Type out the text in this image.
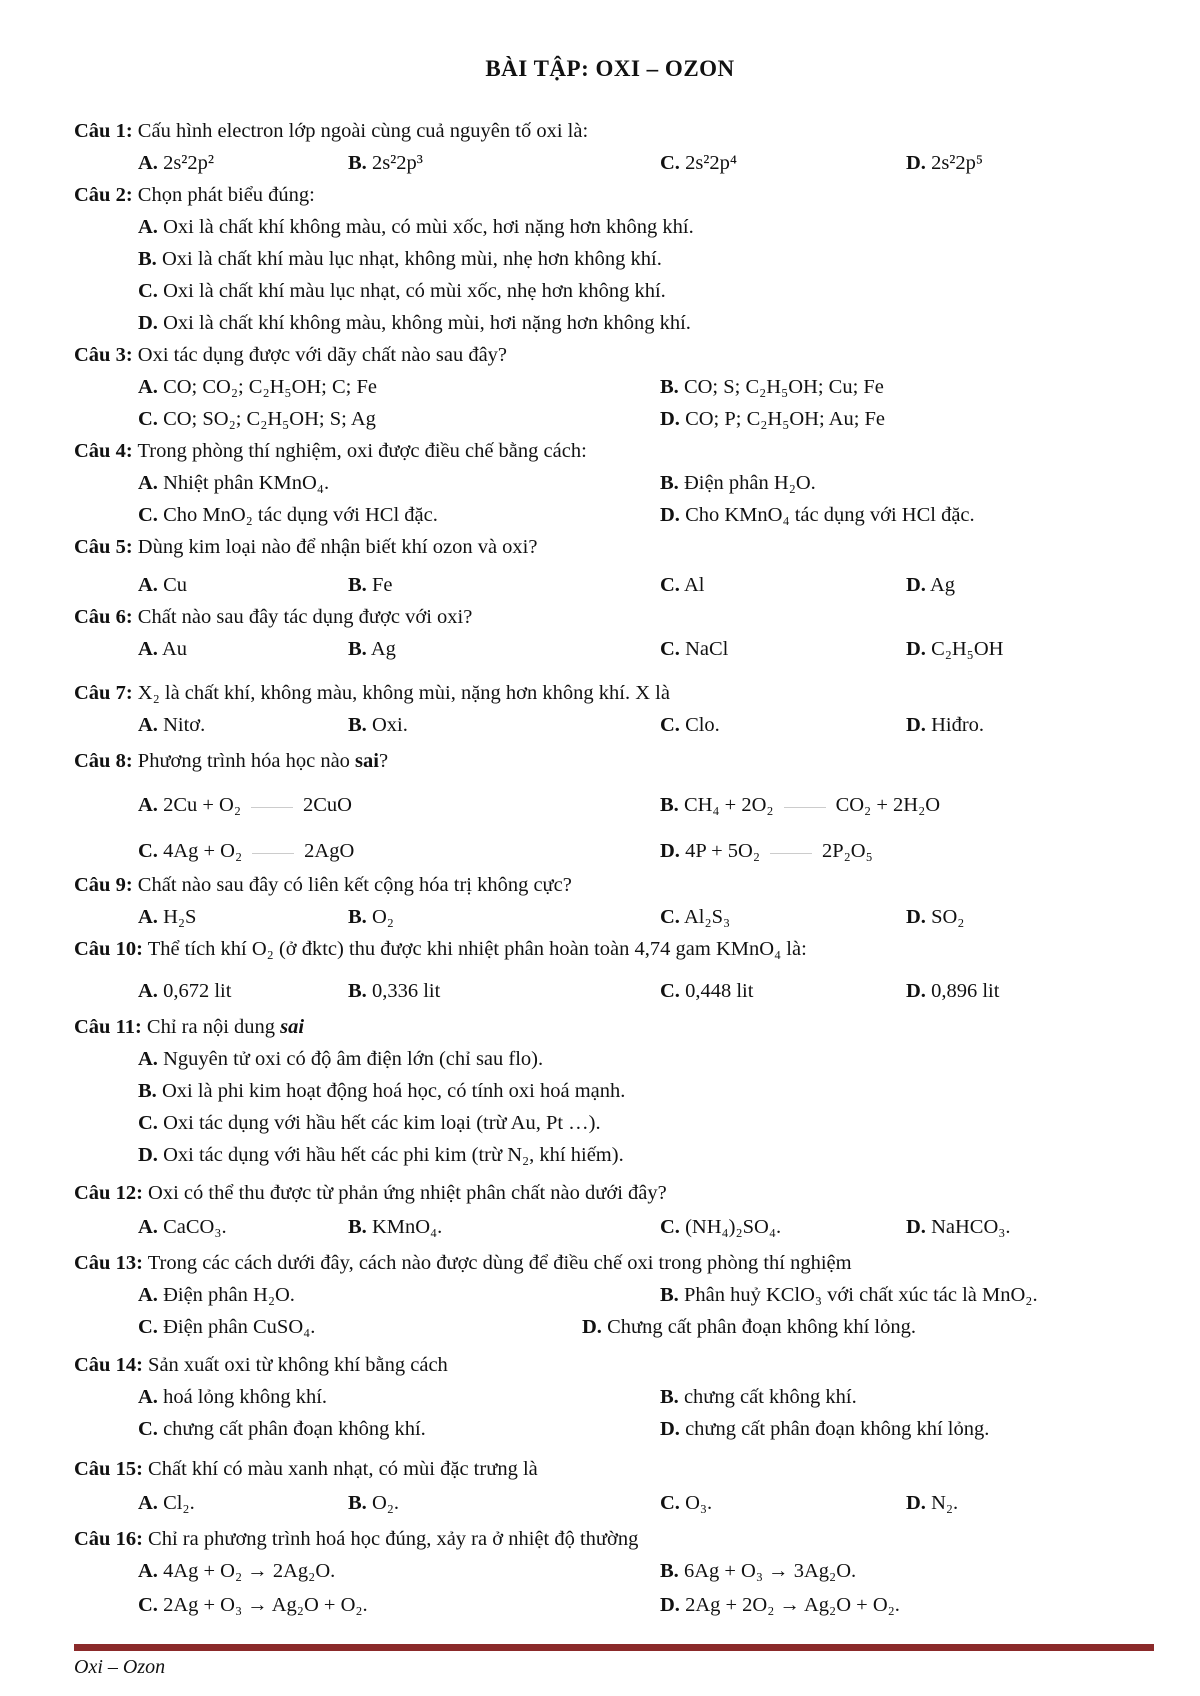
BÀI TẬP: OXI – OZON
Câu 1: Cấu hình electron lớp ngoài cùng cuả nguyên tố oxi là:
A. 2s²2p²	B. 2s²2p³	C. 2s²2p⁴	D. 2s²2p⁵
Câu 2: Chọn phát biểu đúng:
A. Oxi là chất khí không màu, có mùi xốc, hơi nặng hơn không khí.
B. Oxi là chất khí màu lục nhạt, không mùi, nhẹ hơn không khí.
C. Oxi là chất khí màu lục nhạt, có mùi xốc, nhẹ hơn không khí.
D. Oxi là chất khí không màu, không mùi, hơi nặng hơn không khí.
Câu 3: Oxi tác dụng được với dãy chất nào sau đây?
A. CO; CO₂; C₂H₅OH; C; Fe	B. CO; S; C₂H₅OH; Cu; Fe
C. CO; SO₂; C₂H₅OH; S; Ag	D. CO; P; C₂H₅OH; Au; Fe
Câu 4: Trong phòng thí nghiệm, oxi được điều chế bằng cách:
A. Nhiệt phân KMnO₄.	B. Điện phân H₂O.
C. Cho MnO₂ tác dụng với HCl đặc.	D. Cho KMnO₄ tác dụng với HCl đặc.
Câu 5: Dùng kim loại nào để nhận biết khí ozon và oxi?
A. Cu	B. Fe	C. Al	D. Ag
Câu 6: Chất nào sau đây tác dụng được với oxi?
A. Au	B. Ag	C. NaCl	D. C₂H₅OH
Câu 7: X₂ là chất khí, không màu, không mùi, nặng hơn không khí. X là
A. Nitơ.	B. Oxi.	C. Clo.	D. Hiđro.
Câu 8: Phương trình hóa học nào sai?
A. 2Cu + O₂	2CuO	B. CH₄ + 2O₂	CO₂ + 2H₂O
C. 4Ag + O₂	2AgO	D. 4P + 5O₂	2P₂O₅
Câu 9: Chất nào sau đây có liên kết cộng hóa trị không cực?
A. H₂S	B. O₂	C. Al₂S₃	D. SO₂
Câu 10: Thể tích khí O₂ (ở đktc) thu được khi nhiệt phân hoàn toàn 4,74 gam KMnO₄ là:
A. 0,672 lit	B. 0,336 lit	C. 0,448 lit	D. 0,896 lit
Câu 11: Chỉ ra nội dung sai
A. Nguyên tử oxi có độ âm điện lớn (chỉ sau flo).
B. Oxi là phi kim hoạt động hoá học, có tính oxi hoá mạnh.
C. Oxi tác dụng với hầu hết các kim loại (trừ Au, Pt …).
D. Oxi tác dụng với hầu hết các phi kim (trừ N₂, khí hiếm).
Câu 12: Oxi có thể thu được từ phản ứng nhiệt phân chất nào dưới đây?
A. CaCO₃.	B. KMnO₄.	C. (NH₄)₂SO₄.	D. NaHCO₃.
Câu 13: Trong các cách dưới đây, cách nào được dùng để điều chế oxi trong phòng thí nghiệm
A. Điện phân H₂O.	B. Phân huỷ KClO₃ với chất xúc tác là MnO₂.
C. Điện phân CuSO₄.	D. Chưng cất phân đoạn không khí lỏng.
Câu 14: Sản xuất oxi từ không khí bằng cách
A. hoá lỏng không khí.	B. chưng cất không khí.
C. chưng cất phân đoạn không khí.	D. chưng cất phân đoạn không khí lỏng.
Câu 15: Chất khí có màu xanh nhạt, có mùi đặc trưng là
A. Cl₂.	B. O₂.	C. O₃.	D. N₂.
Câu 16: Chỉ ra phương trình hoá học đúng, xảy ra ở nhiệt độ thường
A. 4Ag + O₂ → 2Ag₂O.	B. 6Ag + O₃ → 3Ag₂O.
C. 2Ag + O₃ → Ag₂O + O₂.	D. 2Ag + 2O₂ → Ag₂O + O₂.
Oxi – Ozon
